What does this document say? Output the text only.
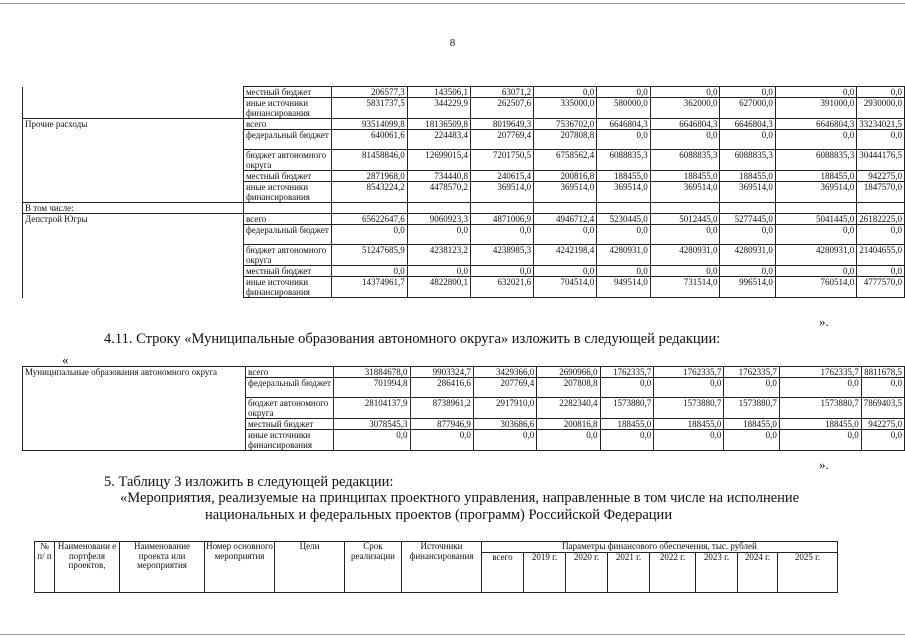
8
	местный бюджет	206577,3	143506,1	63071,2	0,0	0,0	0,0	0,0	0,0	0,0
	иные источники финансирования	5831737,5	344229,9	262507,6	335000,0	580000,0	362000,0	627000,0	391000,0	2930000,0
Прочие расходы	всего	93514099,8	18136509,8	8019649,3	7536702,0	6646804,3	6646804,3	6646804,3	6646804,3	33234021,5
	федеральный бюджет	640061,6	224483,4	207769,4	207808,8	0,0	0,0	0,0	0,0	0,0
	бюджет автономного округа	81458846,0	12699015,4	7201750,5	6758562,4	6088835,3	6088835,3	6088835,3	6088835,3	30444176,5
	местный бюджет	2871968,0	734440,8	240615,4	200816,8	188455,0	188455,0	188455,0	188455,0	942275,0
	иные источники финансирования	8543224,2	4478570,2	369514,0	369514,0	369514,0	369514,0	369514,0	369514,0	1847570,0
В том числе:										
Депстрой Югры	всего	65622647,6	9060923,3	4871006,9	4946712,4	5230445,0	5012445,0	5277445,0	5041445,0	26182225,0
	федеральный бюджет	0,0	0,0	0,0	0,0	0,0	0,0	0,0	0,0	0,0
	бюджет автономного округа	51247685,9	4238123,2	4238985,3	4242198,4	4280931,0	4280931,0	4280931,0	4280931,0	21404655,0
	местный бюджет	0,0	0,0	0,0	0,0	0,0	0,0	0,0	0,0	0,0
	иные источники финансирования	14374961,7	4822800,1	632021,6	704514,0	949514,0	731514,0	996514,0	760514,0	4777570,0
».
4.11. Строку «Муниципальные образования автономного округа» изложить в следующей редакции:
«
Муниципальные образования автономного округа	всего	31884678,0	9903324,7	3429366,0	2690966,0	1762335,7	1762335,7	1762335,7	1762335,7	8811678,5
	федеральный бюджет	701994,8	286416,6	207769,4	207808,8	0,0	0,0	0,0	0,0	0,0
	бюджет автономного округа	28104137,9	8738961,2	2917910,0	2282340,4	1573880,7	1573880,7	1573880,7	1573880,7	7869403,5
	местный бюджет	3078545,3	877946,9	303686,6	200816,8	188455,0	188455,0	188455,0	188455,0	942275,0
	иные источники финансирования	0,0	0,0	0,0	0,0	0,0	0,0	0,0	0,0	0,0
».
5. Таблицу 3 изложить в следующей редакции:
«Мероприятия, реализуемые на принципах проектного управления, направленные в том числе на исполнение
национальных и федеральных проектов (программ) Российской Федерации
№ п/ п	Наименовани е портфеля проектов,	Наименование проекта или мероприятия	Номер основного мероприятия	Цели	Срок реализации	Источники финансирования	Параметры финансового обеспечения, тыс. рублей							
							всего	2019 г.	2020 г.	2021 г.	2022 г.	2023 г.	2024 г.	2025 г.
